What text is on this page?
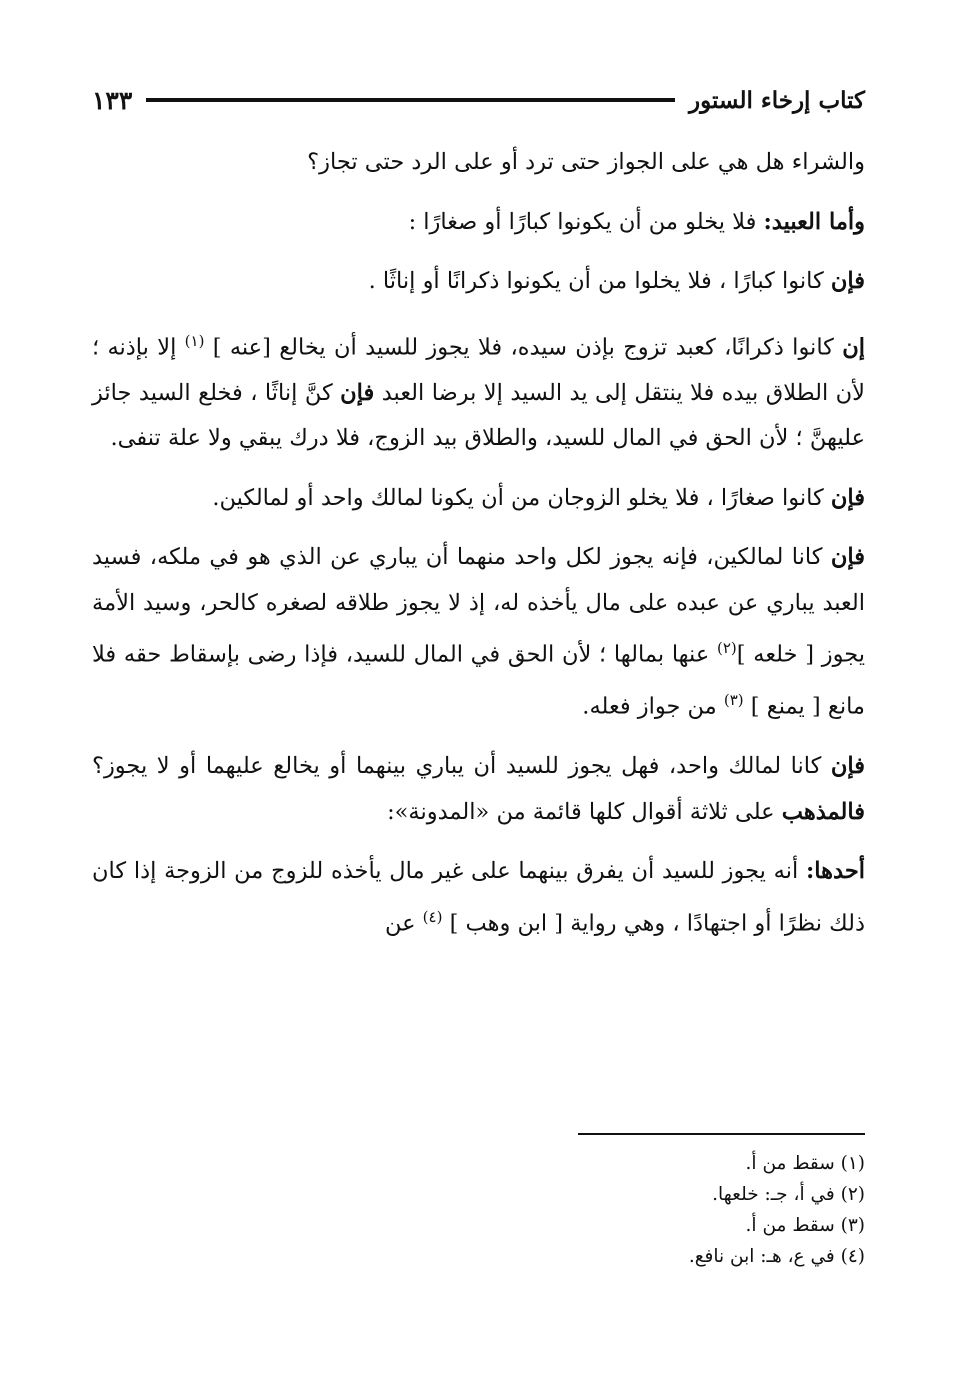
كتاب إرخاء الستور
١٣٣

والشراء هل هي على الجواز حتى ترد أو على الرد حتى تجاز؟

وأما العبيد: فلا يخلو من أن يكونوا كبارًا أو صغارًا :

فإن كانوا كبارًا ، فلا يخلوا من أن يكونوا ذكرانًا أو إناثًا .

إن كانوا ذكرانًا، كعبد تزوج بإذن سيده، فلا يجوز للسيد أن يخالع [عنه ] $^{(١)}$ إلا بإذنه ؛ لأن الطلاق بيده فلا ينتقل إلى يد السيد إلا برضا العبد فإن كنَّ إناثًا ، فخلع السيد جائز عليهنَّ ؛ لأن الحق في المال للسيد، والطلاق بيد الزوج، فلا درك يبقي ولا علة تنفى.

فإن كانوا صغارًا ، فلا يخلو الزوجان من أن يكونا لمالك واحد أو لمالكين.

فإن كانا لمالكين، فإنه يجوز لكل واحد منهما أن يباري عن الذي هو في ملكه، فسيد العبد يباري عن عبده على مال يأخذه له، إذ لا يجوز طلاقه لصغره كالحر، وسيد الأمة يجوز [ خلعه ]$^{(٢)}$ عنها بمالها ؛ لأن الحق في المال للسيد، فإذا رضى بإسقاط حقه فلا مانع [ يمنع ] $^{(٣)}$ من جواز فعله.

فإن كانا لمالك واحد، فهل يجوز للسيد أن يباري بينهما أو يخالع عليهما أو لا يجوز؟ فالمذهب على ثلاثة أقوال كلها قائمة من «المدونة»:

أحدها: أنه يجوز للسيد أن يفرق بينهما على غير مال يأخذه للزوج من الزوجة إذا كان ذلك نظرًا أو اجتهادًا ، وهي رواية [ ابن وهب ] $^{(٤)}$ عن

(١) سقط من أ.
(٢) في أ، جـ: خلعها.
(٣) سقط من أ.
(٤) في ع، هـ: ابن نافع.
